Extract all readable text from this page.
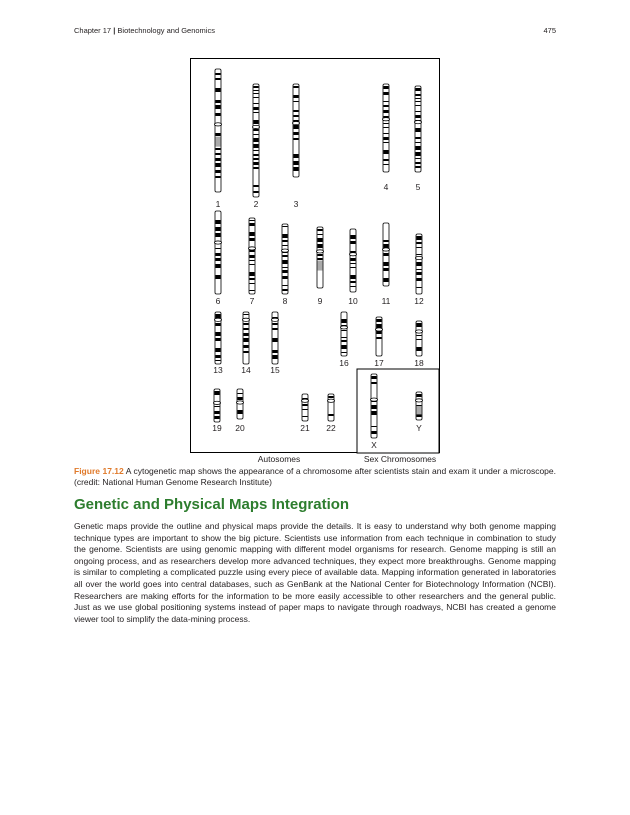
Chapter 17 | Biotechnology and Genomics	475
1	2	3
4	5
6	7	8	9	10	11	12
13 14 15
16	17	18
19 20	21 22
X
Y
Autosomes	Sex Chromosomes

Figure 17.12 A cytogenetic map shows the appearance of a chromosome after scientists stain and exam it under a microscope. (credit: National Human Genome Research Institute)

Genetic and Physical Maps Integration

Genetic maps provide the outline and physical maps provide the details. It is easy to understand why both genome mapping technique types are important to show the big picture. Scientists use information from each technique in combination to study the genome. Scientists are using genomic mapping with different model organisms for research. Genome mapping is still an ongoing process, and as researchers develop more advanced techniques, they expect more breakthroughs. Genome mapping is similar to completing a complicated puzzle using every piece of available data. Mapping information generated in laboratories all over the world goes into central databases, such as GenBank at the National Center for Biotechnology Information (NCBI). Researchers are making efforts for the information to be more easily accessible to other researchers and the general public. Just as we use global positioning systems instead of paper maps to navigate through roadways, NCBI has created a genome viewer tool to simplify the data-mining process.
